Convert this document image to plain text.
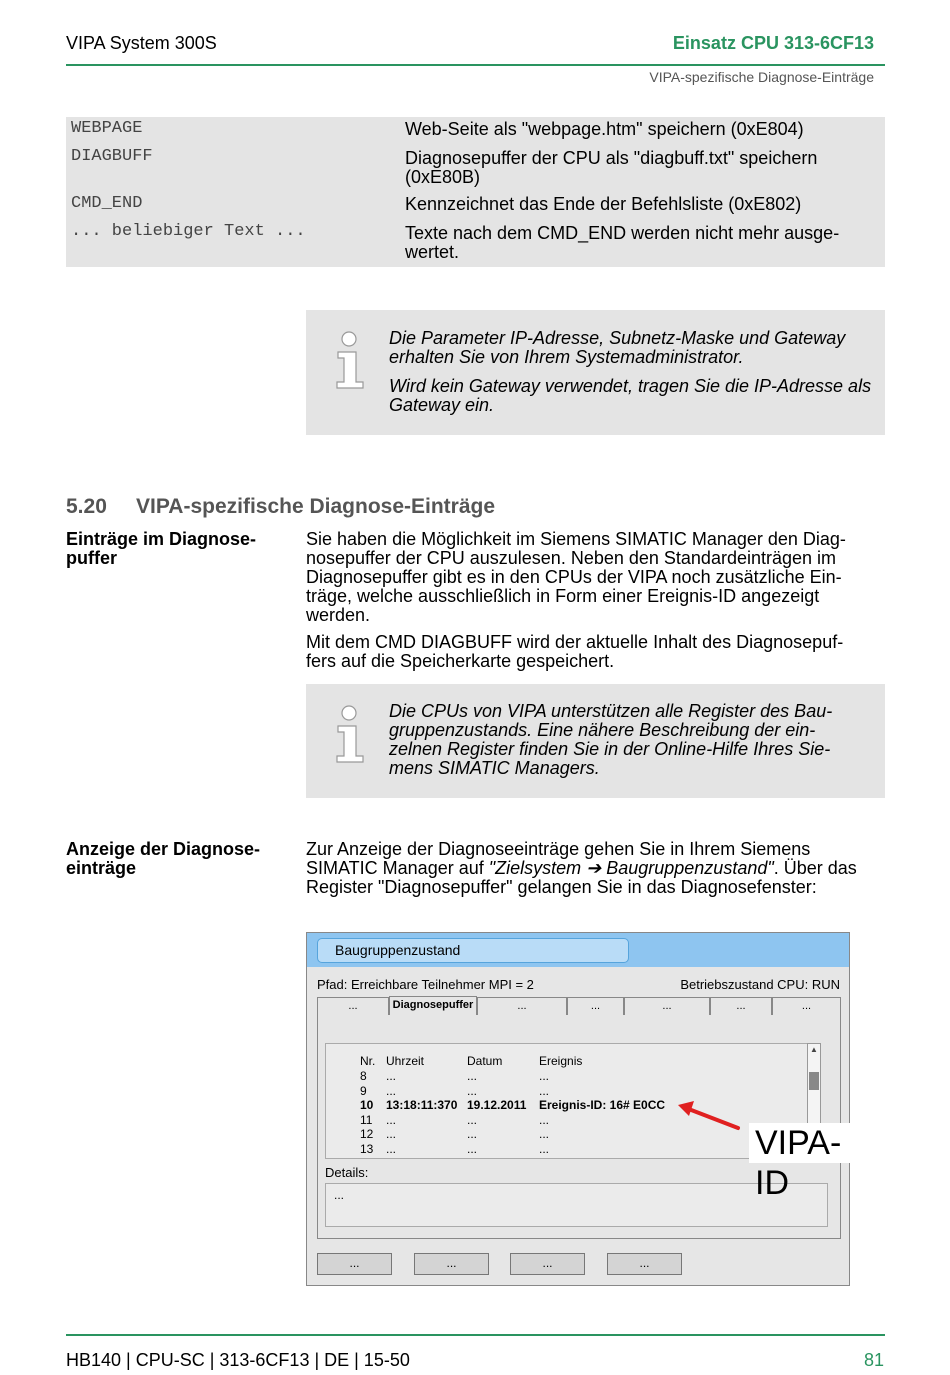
VIPA System 300S	Einsatz CPU 313-6CF13
VIPA-spezifische Diagnose-Einträge
WEBPAGE	Web-Seite als "webpage.htm" speichern (0xE804)
DIAGBUFF	Diagnosepuffer der CPU als "diagbuff.txt" speichern (0xE80B)
CMD_END	Kennzeichnet das Ende der Befehlsliste (0xE802)
... beliebiger Text ...	Texte nach dem CMD_END werden nicht mehr ausge-
wertet.
Die Parameter IP-Adresse, Subnetz-Maske und Gateway erhalten Sie von Ihrem Systemadministrator.
Wird kein Gateway verwendet, tragen Sie die IP-Adresse als Gateway ein.
5.20 VIPA-spezifische Diagnose-Einträge
Einträge im Diagnose-
puffer
Sie haben die Möglichkeit im Siemens SIMATIC Manager den Diag-
nosepuffer der CPU auszulesen. Neben den Standardeinträgen im
Diagnosepuffer gibt es in den CPUs der VIPA noch zusätzliche Ein-
träge, welche ausschließlich in Form einer Ereignis-ID angezeigt
werden.
Mit dem CMD DIAGBUFF wird der aktuelle Inhalt des Diagnosepuf-
fers auf die Speicherkarte gespeichert.
Die CPUs von VIPA unterstützen alle Register des Bau-
gruppenzustands. Eine nähere Beschreibung der ein-
zelnen Register finden Sie in der Online-Hilfe Ihres Sie-
mens SIMATIC Managers.
Anzeige der Diagnose-
einträge
Zur Anzeige der Diagnoseeinträge gehen Sie in Ihrem Siemens
SIMATIC Manager auf "Zielsystem ➔ Baugruppenzustand". Über das
Register "Diagnosepuffer" gelangen Sie in das Diagnosefenster:
Baugruppenzustand
Pfad: Erreichbare Teilnehmer MPI = 2	Betriebszustand CPU: RUN
...	Diagnosepuffer	...	...	...	...	...
Nr. Uhrzeit	Datum	Ereignis
8 ...	...	...
9 ...	...	...
10 13:18:11:370 19.12.2011 Ereignis-ID: 16# E0CC
11 ...	...	...
12 ...	...	...
13 ...	...	...
▲
Details:
...
...	...	...	...
VIPA-ID
HB140 | CPU-SC | 313-6CF13 | DE | 15-50	81
